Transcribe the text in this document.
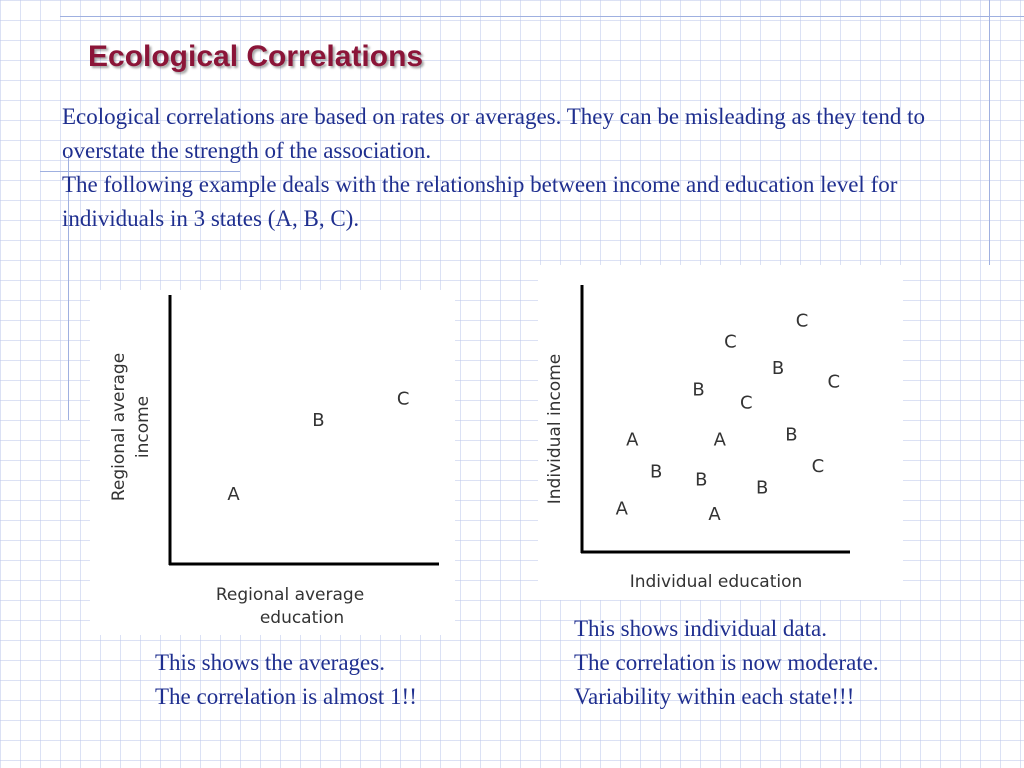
Ecological Correlations

Ecological correlations are based on rates or averages. They can be misleading as they tend to overstate the strength of the association.

The following example deals with the relationship between income and education level for individuals in 3 states (A, B, C).

Regional average income
Regional average
education
A
B
C	Individual income
Individual education
C
C
B
C
B
C
B
A	A
C
B B	B
A	A

This shows the averages.

The correlation is almost 1!!

This shows individual data.

The correlation is now moderate.

Variability within each state!!!
